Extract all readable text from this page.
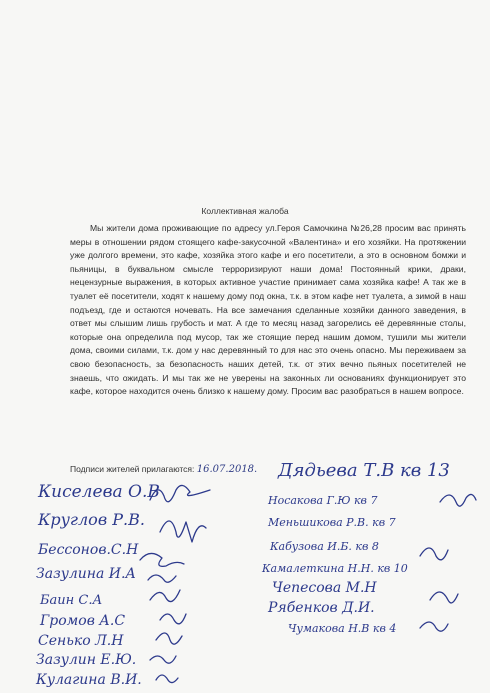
Коллективная жалоба

Мы жители дома проживающие по адресу ул.Героя Самочкина №26,28 просим вас принять меры в отношении рядом стоящего кафе-закусочной «Валентина» и его хозяйки. На протяжении уже долгого времени, это кафе, хозяйка этого кафе и его посетители, а это в основном бомжи и пьяницы, в буквальном смысле терроризируют наши дома! Постоянный крики, драки, нецензурные выражения, в которых активное участие принимает сама хозяйка кафе! А так же в туалет её посетители, ходят к нашему дому под окна, т.к. в этом кафе нет туалета, а зимой в наш подъезд, где и остаются ночевать. На все замечания сделанные хозяйки данного заведения, в ответ мы слышим лишь грубость и мат. А где то месяц назад загорелись её деревянные столы, которые она определила под мусор, так же стоящие перед нашим домом, тушили мы жители дома, своими силами, т.к. дом у нас деревянный то для нас это очень опасно. Мы переживаем за свою безопасность, за безопасность наших детей, т.к. от этих вечно пьяных посетителей не знаешь, что ожидать. И мы так же не уверены на законных ли основаниях функционирует это кафе, которое находится очень близко к нашему дому. Просим вас разобраться в нашем вопросе.

Подписи жителей прилагаются: 16.07.2018.
Киселева О.В
Круглов Р.В.
Бессонов.С.Н
Зазулина И.А
Баин С.А
Громов А.С
Сенько Л.Н
Зазулин Е.Ю.
Кулагина В.И.
Дядьева Т.В кв 13
Носакова Г.Ю кв 7
Меньшикова Р.В. кв 7
Кабузова И.Б. кв 8
Камалеткина Н.Н. кв 10
Чепесова М.Н
Рябенков Д.И.
Чумакова Н.В кв 4
